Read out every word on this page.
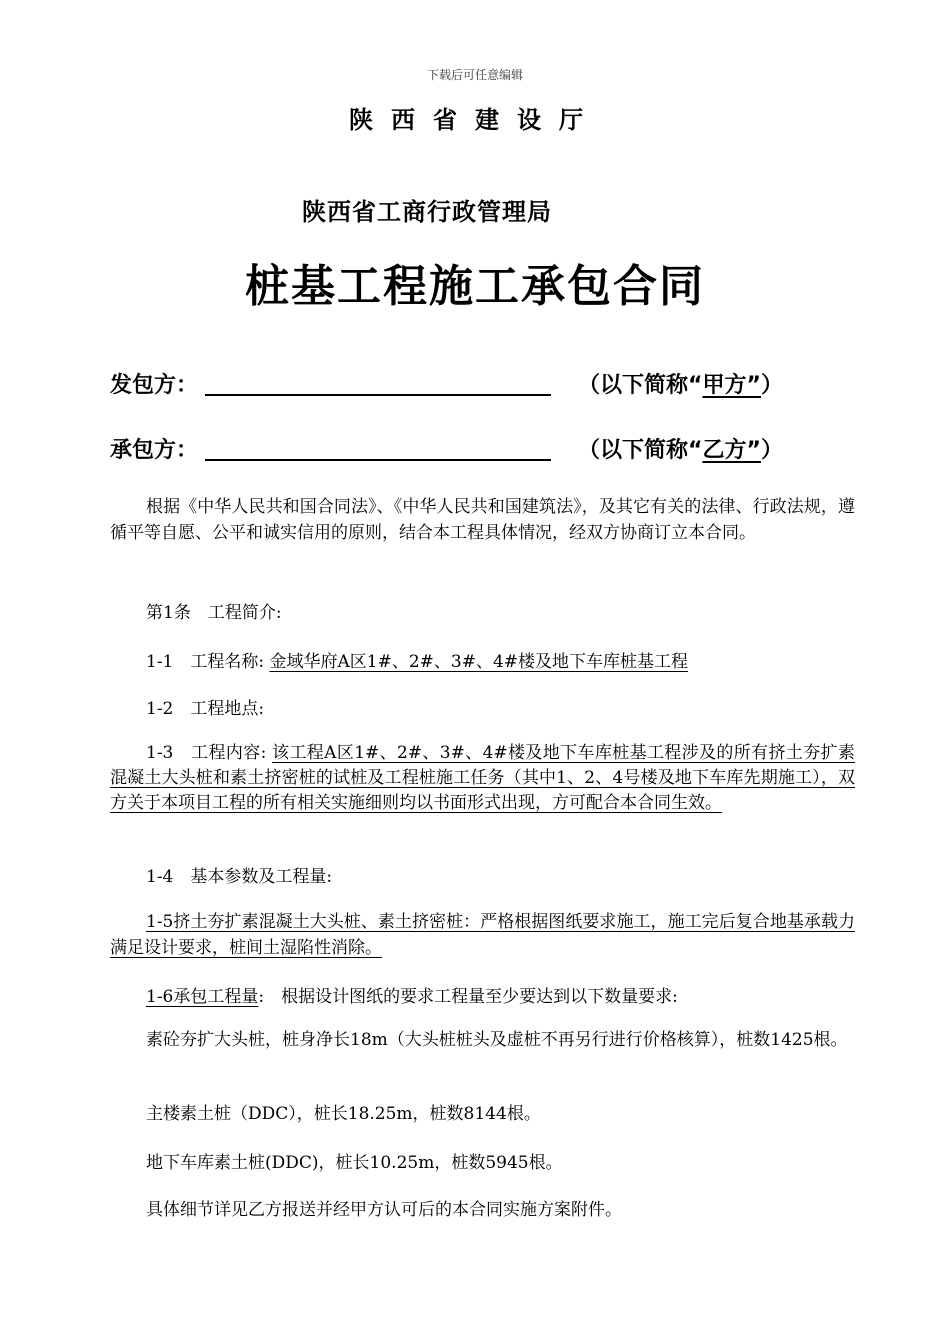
下载后可任意编辑
陕西省建设厅
陕西省工商行政管理局
桩基工程施工承包合同
发包方：	（以下简称“甲方”）
承包方：	（以下简称“乙方”）
根据《中华人民共和国合同法》、《中华人民共和国建筑法》，及其它有关的法律、行政法规，遵循平等自愿、公平和诚实信用的原则，结合本工程具体情况，经双方协商订立本合同。
第1条　工程简介:
1-1　工程名称: 金域华府A区1#、2#、3#、4#楼及地下车库桩基工程
1-2　工程地点:
1-3　工程内容: 该工程A区1#、2#、3#、4#楼及地下车库桩基工程涉及的所有挤土夯扩素混凝土大头桩和素土挤密桩的试桩及工程桩施工任务（其中1、2、4号楼及地下车库先期施工），双方关于本项目工程的所有相关实施细则均以书面形式出现，方可配合本合同生效。
1-4　基本参数及工程量:
1-5挤土夯扩素混凝土大头桩、素土挤密桩：严格根据图纸要求施工，施工完后复合地基承载力满足设计要求，桩间土湿陷性消除。
1-6承包工程量:　根据设计图纸的要求工程量至少要达到以下数量要求:
素砼夯扩大头桩，桩身净长18m（大头桩桩头及虚桩不再另行进行价格核算），桩数1425根。
主楼素土桩（DDC），桩长18.25m，桩数8144根。
地下车库素土桩(DDC)，桩长10.25m，桩数5945根。
具体细节详见乙方报送并经甲方认可后的本合同实施方案附件。
